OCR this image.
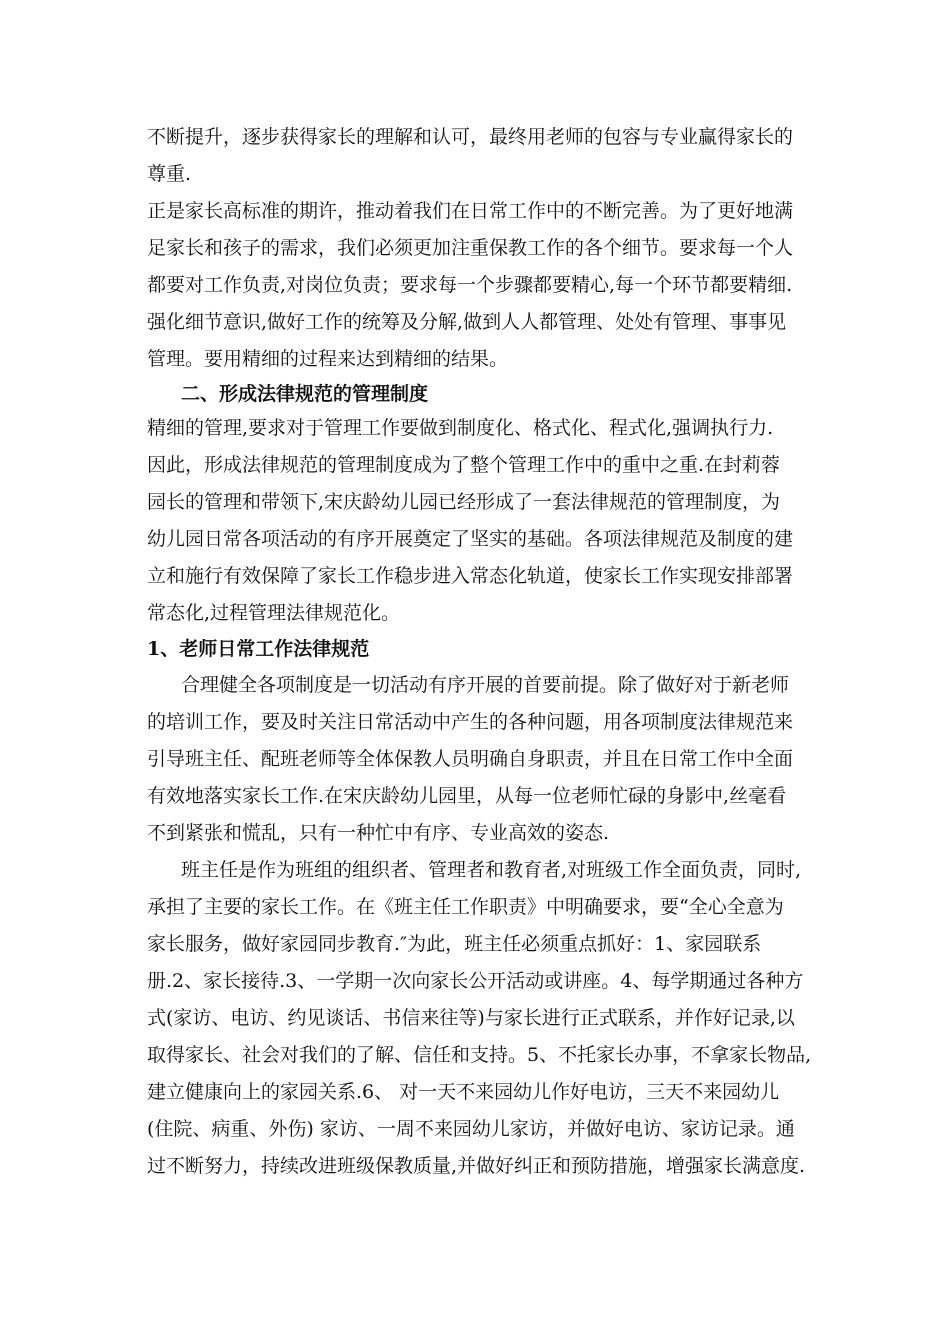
不断提升，逐步获得家长的理解和认可，最终用老师的包容与专业赢得家长的
尊重.
正是家长高标准的期许，推动着我们在日常工作中的不断完善。为了更好地满
足家长和孩子的需求，我们必须更加注重保教工作的各个细节。要求每一个人
都要对工作负责,对岗位负责；要求每一个步骤都要精心,每一个环节都要精细.
强化细节意识,做好工作的统筹及分解,做到人人都管理、处处有管理、事事见
管理。要用精细的过程来达到精细的结果。
二、形成法律规范的管理制度
精细的管理,要求对于管理工作要做到制度化、格式化、程式化,强调执行力.
因此，形成法律规范的管理制度成为了整个管理工作中的重中之重.在封莉蓉
园长的管理和带领下,宋庆龄幼儿园已经形成了一套法律规范的管理制度，为
幼儿园日常各项活动的有序开展奠定了坚实的基础。各项法律规范及制度的建
立和施行有效保障了家长工作稳步进入常态化轨道，使家长工作实现安排部署
常态化,过程管理法律规范化。
1、老师日常工作法律规范
合理健全各项制度是一切活动有序开展的首要前提。除了做好对于新老师
的培训工作，要及时关注日常活动中产生的各种问题，用各项制度法律规范来
引导班主任、配班老师等全体保教人员明确自身职责，并且在日常工作中全面
有效地落实家长工作.在宋庆龄幼儿园里，从每一位老师忙碌的身影中,丝毫看
不到紧张和慌乱，只有一种忙中有序、专业高效的姿态.
班主任是作为班组的组织者、管理者和教育者,对班级工作全面负责，同时,
承担了主要的家长工作。在《班主任工作职责》中明确要求，要“全心全意为
家长服务，做好家园同步教育.″为此，班主任必须重点抓好：1、家园联系
册.2、家长接待.3、一学期一次向家长公开活动或讲座。4、每学期通过各种方
式(家访、电访、约见谈话、书信来往等)与家长进行正式联系，并作好记录,以
取得家长、社会对我们的了解、信任和支持。5、不托家长办事，不拿家长物品,
建立健康向上的家园关系.6、 对一天不来园幼儿作好电访，三天不来园幼儿
(住院、病重、外伤) 家访、一周不来园幼儿家访，并做好电访、家访记录。通
过不断努力，持续改进班级保教质量,并做好纠正和预防措施，增强家长满意度.
